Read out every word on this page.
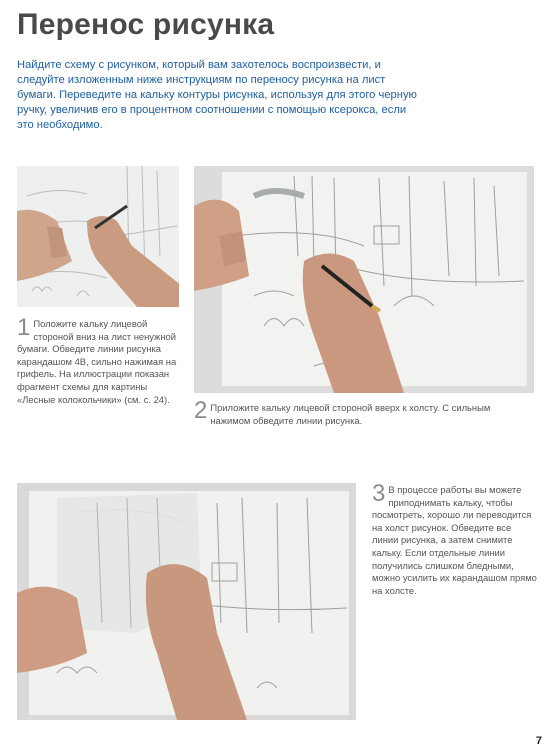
Перенос рисунка
Найдите схему с рисунком, который вам захотелось воспроизвести, и следуйте изложенным ниже инструкциям по переносу рисунка на лист бумаги. Переведите на кальку контуры рисунка, используя для этого черную ручку, увеличив его в процентном соотношении с помощью ксерокса, если это необходимо.
1 Положите кальку лицевой стороной вниз на лист ненужной бумаги. Обведите линии рисунка карандашом 4В, сильно нажимая на грифель. На иллюстрации показан фрагмент схемы для картины «Лесные колокольчики» (см. с. 24).	2 Приложите кальку лицевой стороной вверх к холсту. С сильным нажимом обведите линии рисунка.
3 В процессе работы вы можете приподнимать кальку, чтобы посмотреть, хорошо ли переводится на холст рисунок. Обведите все линии рисунка, а затем снимите кальку. Если отдельные линии получились слишком бледными, можно усилить их карандашом прямо на холсте.
7
